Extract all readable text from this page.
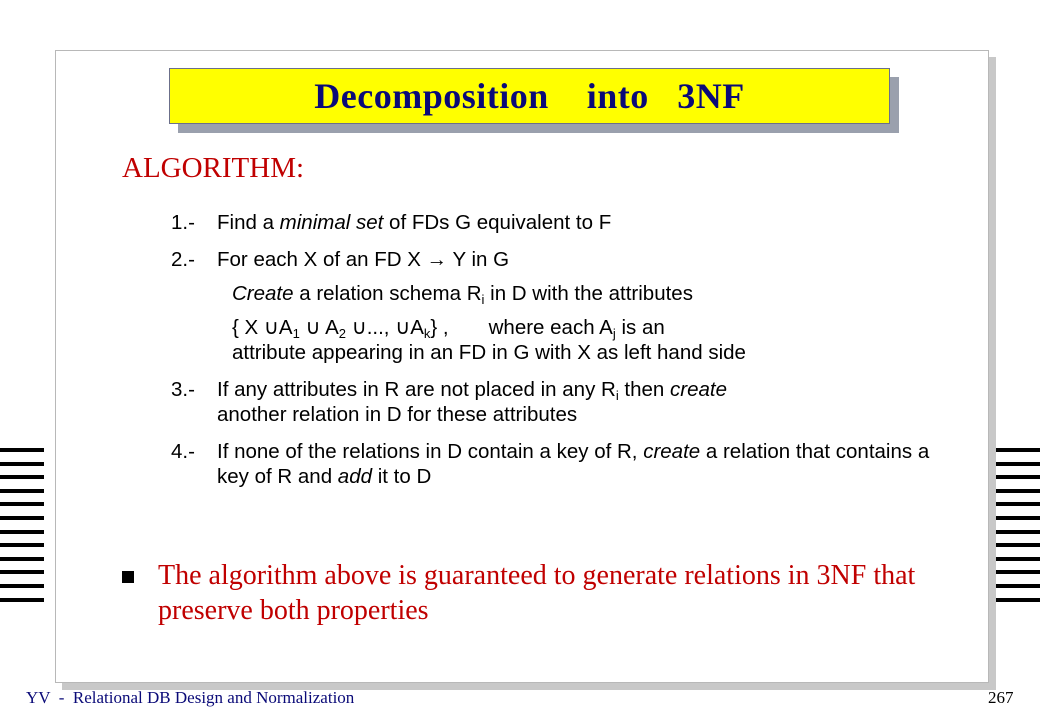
Decomposition    into   3NF
ALGORITHM:
1.-	Find a minimal set of FDs G equivalent to F
2.-	For each X of an FD X → Y in G
Create a relation schema $R_i$ in D with the attributes
{ X $\cup A_1$ ∪ $A_2$ ∪..., $\cup A_k$} , where each $A_j$ is an
attribute appearing in an FD in G with X as left hand side
3.-	If any attributes in R are not placed in any $R_i$ then create
another relation in D for these attributes
4.-	If none of the relations in D contain a key of R, create a relation that contains a key of R and add it to D
The algorithm above is guaranteed to generate relations in 3NF that preserve both properties
YV  -  Relational DB Design and Normalization	267
